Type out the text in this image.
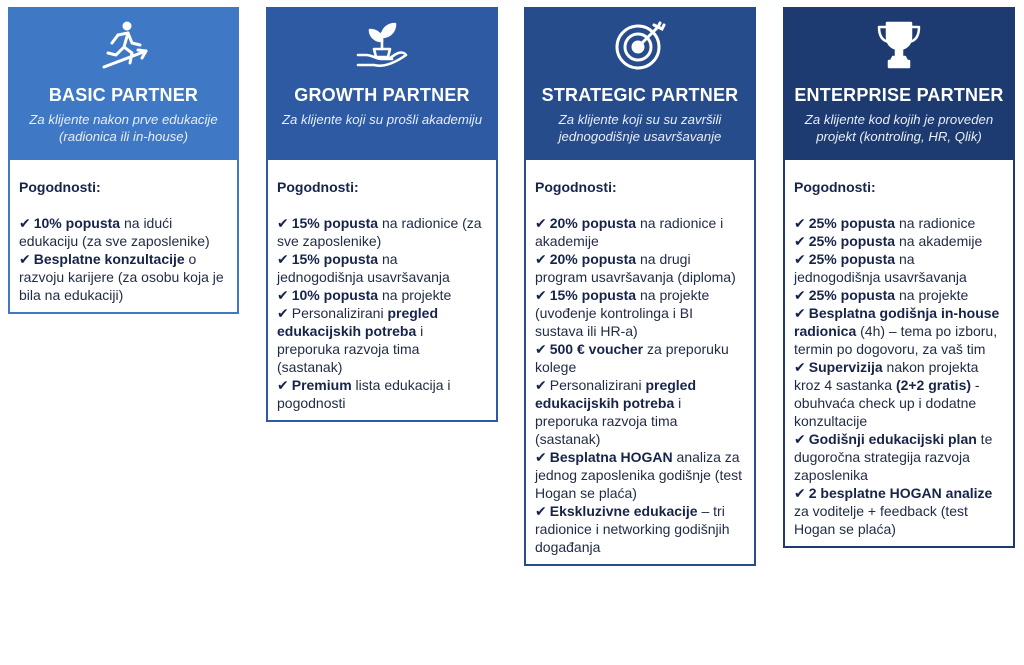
BASIC PARTNER
Za klijente nakon prve edukacije (radionica ili in-house)
Pogodnosti:
✔ 10% popusta na idući edukaciju (za sve zaposlenike)
✔ Besplatne konzultacije o razvoju karijere (za osobu koja je bila na edukaciji)
GROWTH PARTNER
Za klijente koji su prošli akademiju
Pogodnosti:
✔ 15% popusta na radionice (za sve zaposlenike)
✔ 15% popusta na jednogodišnja usavršavanja
✔ 10% popusta na projekte
✔ Personalizirani pregled edukacijskih potreba i preporuka razvoja tima (sastanak)
✔ Premium lista edukacija i pogodnosti
STRATEGIC PARTNER
Za klijente koji su su završili jednogodišnje usavršavanje
Pogodnosti:
✔ 20% popusta na radionice i akademije
✔ 20% popusta na drugi program usavršavanja (diploma)
✔ 15% popusta na projekte (uvođenje kontrolinga i BI sustava ili HR-a)
✔ 500 € voucher za preporuku kolege
✔ Personalizirani pregled edukacijskih potreba i preporuka razvoja tima (sastanak)
✔ Besplatna HOGAN analiza za jednog zaposlenika godišnje (test Hogan se plaća)
✔ Ekskluzivne edukacije – tri radionice i networking godišnjih događanja
ENTERPRISE PARTNER
Za klijente kod kojih je proveden projekt (kontroling, HR, Qlik)
Pogodnosti:
✔ 25% popusta na radionice
✔ 25% popusta na akademije
✔ 25% popusta na jednogodišnja usavršavanja
✔ 25% popusta na projekte
✔ Besplatna godišnja in-house radionica (4h) – tema po izboru, termin po dogovoru, za vaš tim
✔ Supervizija nakon projekta kroz 4 sastanka (2+2 gratis) - obuhvaća check up i dodatne konzultacije
✔ Godišnji edukacijski plan te dugoročna strategija razvoja zaposlenika
✔ 2 besplatne HOGAN analize za voditelje + feedback (test Hogan se plaća)
